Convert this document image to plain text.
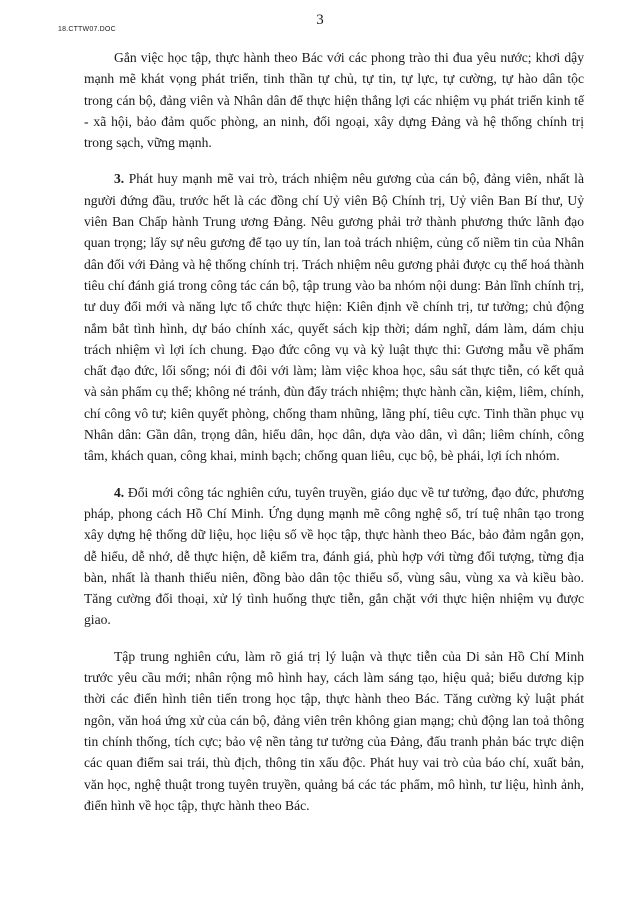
18.CTTW07.DOC
3

Gắn việc học tập, thực hành theo Bác với các phong trào thi đua yêu nước; khơi dậy mạnh mẽ khát vọng phát triển, tinh thần tự chủ, tự tin, tự lực, tự cường, tự hào dân tộc trong cán bộ, đảng viên và Nhân dân để thực hiện thắng lợi các nhiệm vụ phát triển kinh tế - xã hội, bảo đảm quốc phòng, an ninh, đối ngoại, xây dựng Đảng và hệ thống chính trị trong sạch, vững mạnh.

3. Phát huy mạnh mẽ vai trò, trách nhiệm nêu gương của cán bộ, đảng viên, nhất là người đứng đầu, trước hết là các đồng chí Uỷ viên Bộ Chính trị, Uỷ viên Ban Bí thư, Uỷ viên Ban Chấp hành Trung ương Đảng. Nêu gương phải trở thành phương thức lãnh đạo quan trọng; lấy sự nêu gương để tạo uy tín, lan toả trách nhiệm, củng cố niềm tin của Nhân dân đối với Đảng và hệ thống chính trị. Trách nhiệm nêu gương phải được cụ thể hoá thành tiêu chí đánh giá trong công tác cán bộ, tập trung vào ba nhóm nội dung: Bản lĩnh chính trị, tư duy đổi mới và năng lực tổ chức thực hiện: Kiên định về chính trị, tư tưởng; chủ động nắm bắt tình hình, dự báo chính xác, quyết sách kịp thời; dám nghĩ, dám làm, dám chịu trách nhiệm vì lợi ích chung. Đạo đức công vụ và kỷ luật thực thi: Gương mẫu về phẩm chất đạo đức, lối sống; nói đi đôi với làm; làm việc khoa học, sâu sát thực tiễn, có kết quả và sản phẩm cụ thể; không né tránh, đùn đẩy trách nhiệm; thực hành cần, kiệm, liêm, chính, chí công vô tư; kiên quyết phòng, chống tham nhũng, lãng phí, tiêu cực. Tinh thần phục vụ Nhân dân: Gần dân, trọng dân, hiểu dân, học dân, dựa vào dân, vì dân; liêm chính, công tâm, khách quan, công khai, minh bạch; chống quan liêu, cục bộ, bè phái, lợi ích nhóm.

4. Đổi mới công tác nghiên cứu, tuyên truyền, giáo dục về tư tưởng, đạo đức, phương pháp, phong cách Hồ Chí Minh. Ứng dụng mạnh mẽ công nghệ số, trí tuệ nhân tạo trong xây dựng hệ thống dữ liệu, học liệu số về học tập, thực hành theo Bác, bảo đảm ngắn gọn, dễ hiểu, dễ nhớ, dễ thực hiện, dễ kiểm tra, đánh giá, phù hợp với từng đối tượng, từng địa bàn, nhất là thanh thiếu niên, đồng bào dân tộc thiểu số, vùng sâu, vùng xa và kiều bào. Tăng cường đối thoại, xử lý tình huống thực tiễn, gắn chặt với thực hiện nhiệm vụ được giao.

Tập trung nghiên cứu, làm rõ giá trị lý luận và thực tiễn của Di sản Hồ Chí Minh trước yêu cầu mới; nhân rộng mô hình hay, cách làm sáng tạo, hiệu quả; biểu dương kịp thời các điển hình tiên tiến trong học tập, thực hành theo Bác. Tăng cường kỷ luật phát ngôn, văn hoá ứng xử của cán bộ, đảng viên trên không gian mạng; chủ động lan toả thông tin chính thống, tích cực; bảo vệ nền tảng tư tưởng của Đảng, đấu tranh phản bác trực diện các quan điểm sai trái, thù địch, thông tin xấu độc. Phát huy vai trò của báo chí, xuất bản, văn học, nghệ thuật trong tuyên truyền, quảng bá các tác phẩm, mô hình, tư liệu, hình ảnh, điển hình về học tập, thực hành theo Bác.
